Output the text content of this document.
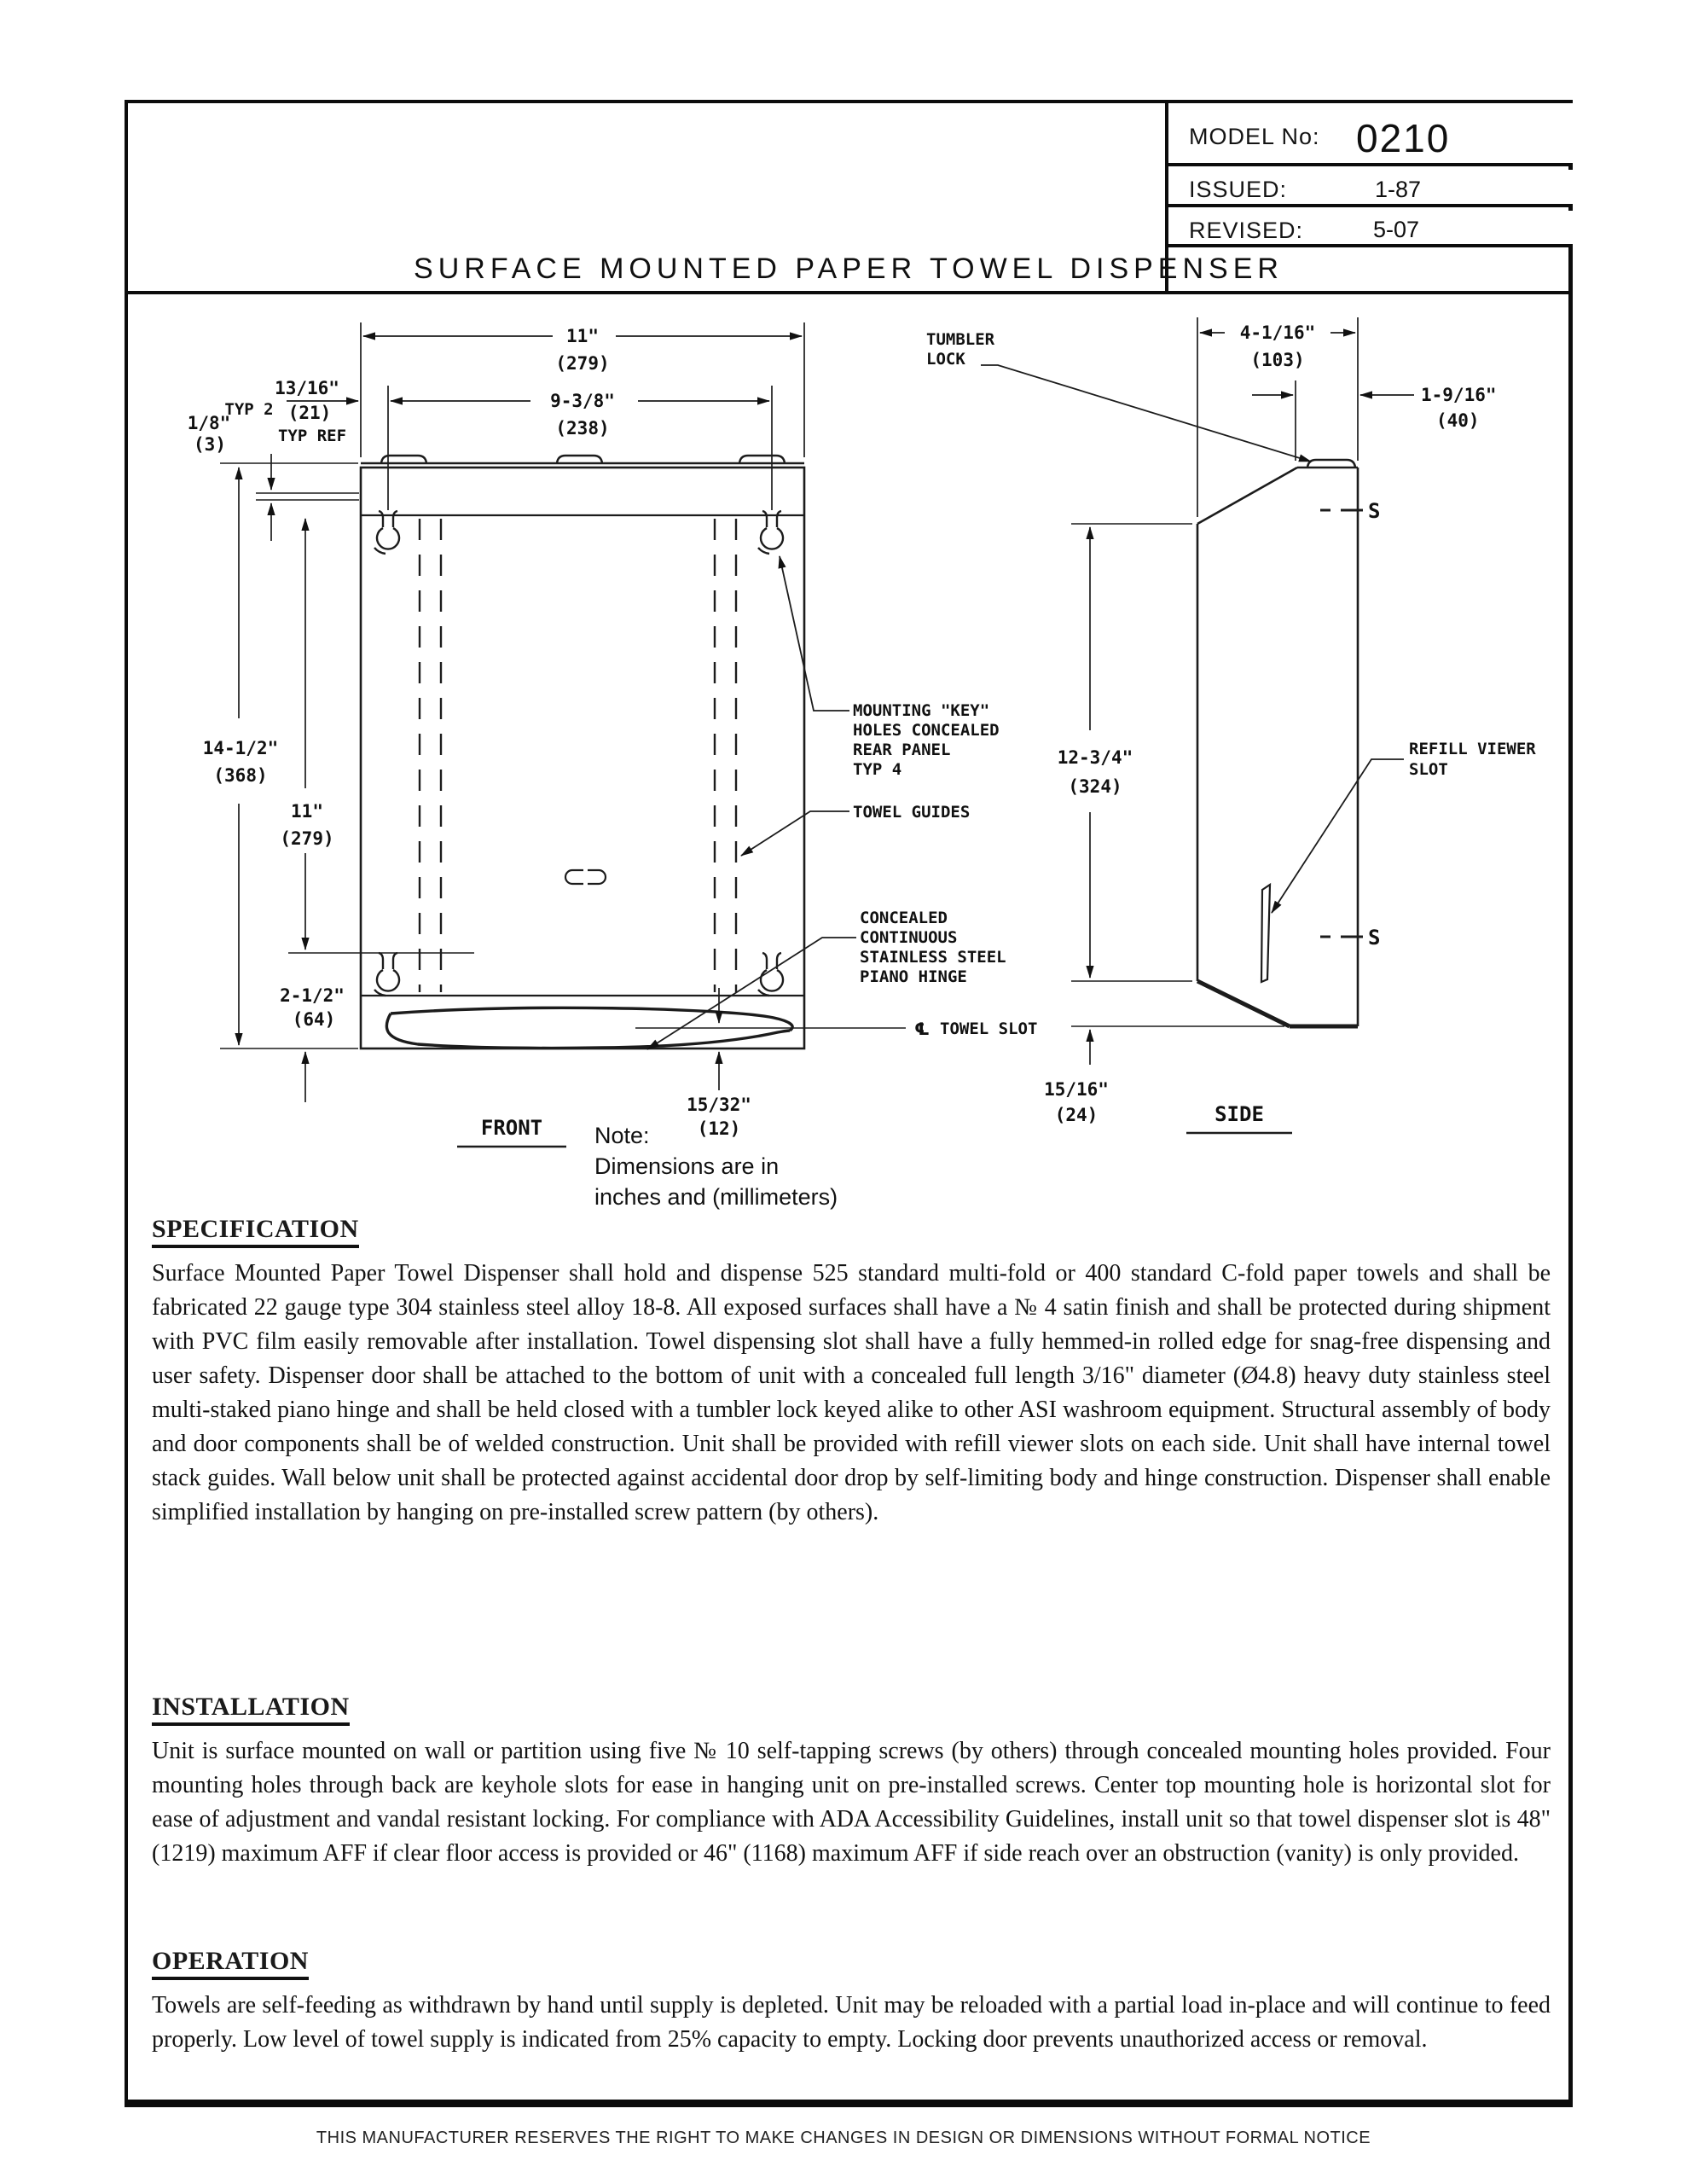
MODEL No: 0210
ISSUED:	1-87
REVISED:	5-07
SURFACE MOUNTED PAPER TOWEL DISPENSER
11"
(279)
9-3/8"
(238)
13/16"
(21)
TYP REF
TYP 2
1/8"
(3)
14-1/2"
(368)
11"
(279)
2-1/2"
(64)
15/32"
(12)
4-1/16"
(103)
1-9/16"
(40)
12-3/4"
(324)
15/16"
(24)
TUMBLER
LOCK
MOUNTING "KEY"
HOLES CONCEALED
REAR PANEL
TYP 4
TOWEL GUIDES
CONCEALED
CONTINUOUS
STAINLESS STEEL
PIANO HINGE
℄ TOWEL SLOT
REFILL VIEWER
SLOT
S
S
FRONT
SIDE
Note:
Dimensions are in
inches and (millimeters)
SPECIFICATION

Surface Mounted Paper Towel Dispenser shall hold and dispense 525 standard multi-fold or 400 standard C-fold paper towels and shall be fabricated 22 gauge type 304 stainless steel alloy 18-8. All exposed surfaces shall have a № 4 satin finish and shall be protected during shipment with PVC film easily removable after installation. Towel dispensing slot shall have a fully hemmed-in rolled edge for snag-free dispensing and user safety. Dispenser door shall be attached to the bottom of unit with a concealed full length 3/16" diameter (Ø4.8) heavy duty stainless steel multi-staked piano hinge and shall be held closed with a tumbler lock keyed alike to other ASI washroom equipment. Structural assembly of body and door components shall be of welded construction. Unit shall be provided with refill viewer slots on each side. Unit shall have internal towel stack guides. Wall below unit shall be protected against accidental door drop by self-limiting body and hinge construction. Dispenser shall enable simplified installation by hanging on pre-installed screw pattern (by others).

INSTALLATION

Unit is surface mounted on wall or partition using five № 10 self-tapping screws (by others) through concealed mounting holes provided. Four mounting holes through back are keyhole slots for ease in hanging unit on pre-installed screws. Center top mounting hole is horizontal slot for ease of adjustment and vandal resistant locking. For compliance with ADA Accessibility Guidelines, install unit so that towel dispenser slot is 48" (1219) maximum AFF if clear floor access is provided or 46" (1168) maximum AFF if side reach over an obstruction (vanity) is only provided.

OPERATION

Towels are self-feeding as withdrawn by hand until supply is depleted. Unit may be reloaded with a partial load in-place and will continue to feed properly. Low level of towel supply is indicated from 25% capacity to empty. Locking door prevents unauthorized access or removal.

THIS MANUFACTURER RESERVES THE RIGHT TO MAKE CHANGES IN DESIGN OR DIMENSIONS WITHOUT FORMAL NOTICE
